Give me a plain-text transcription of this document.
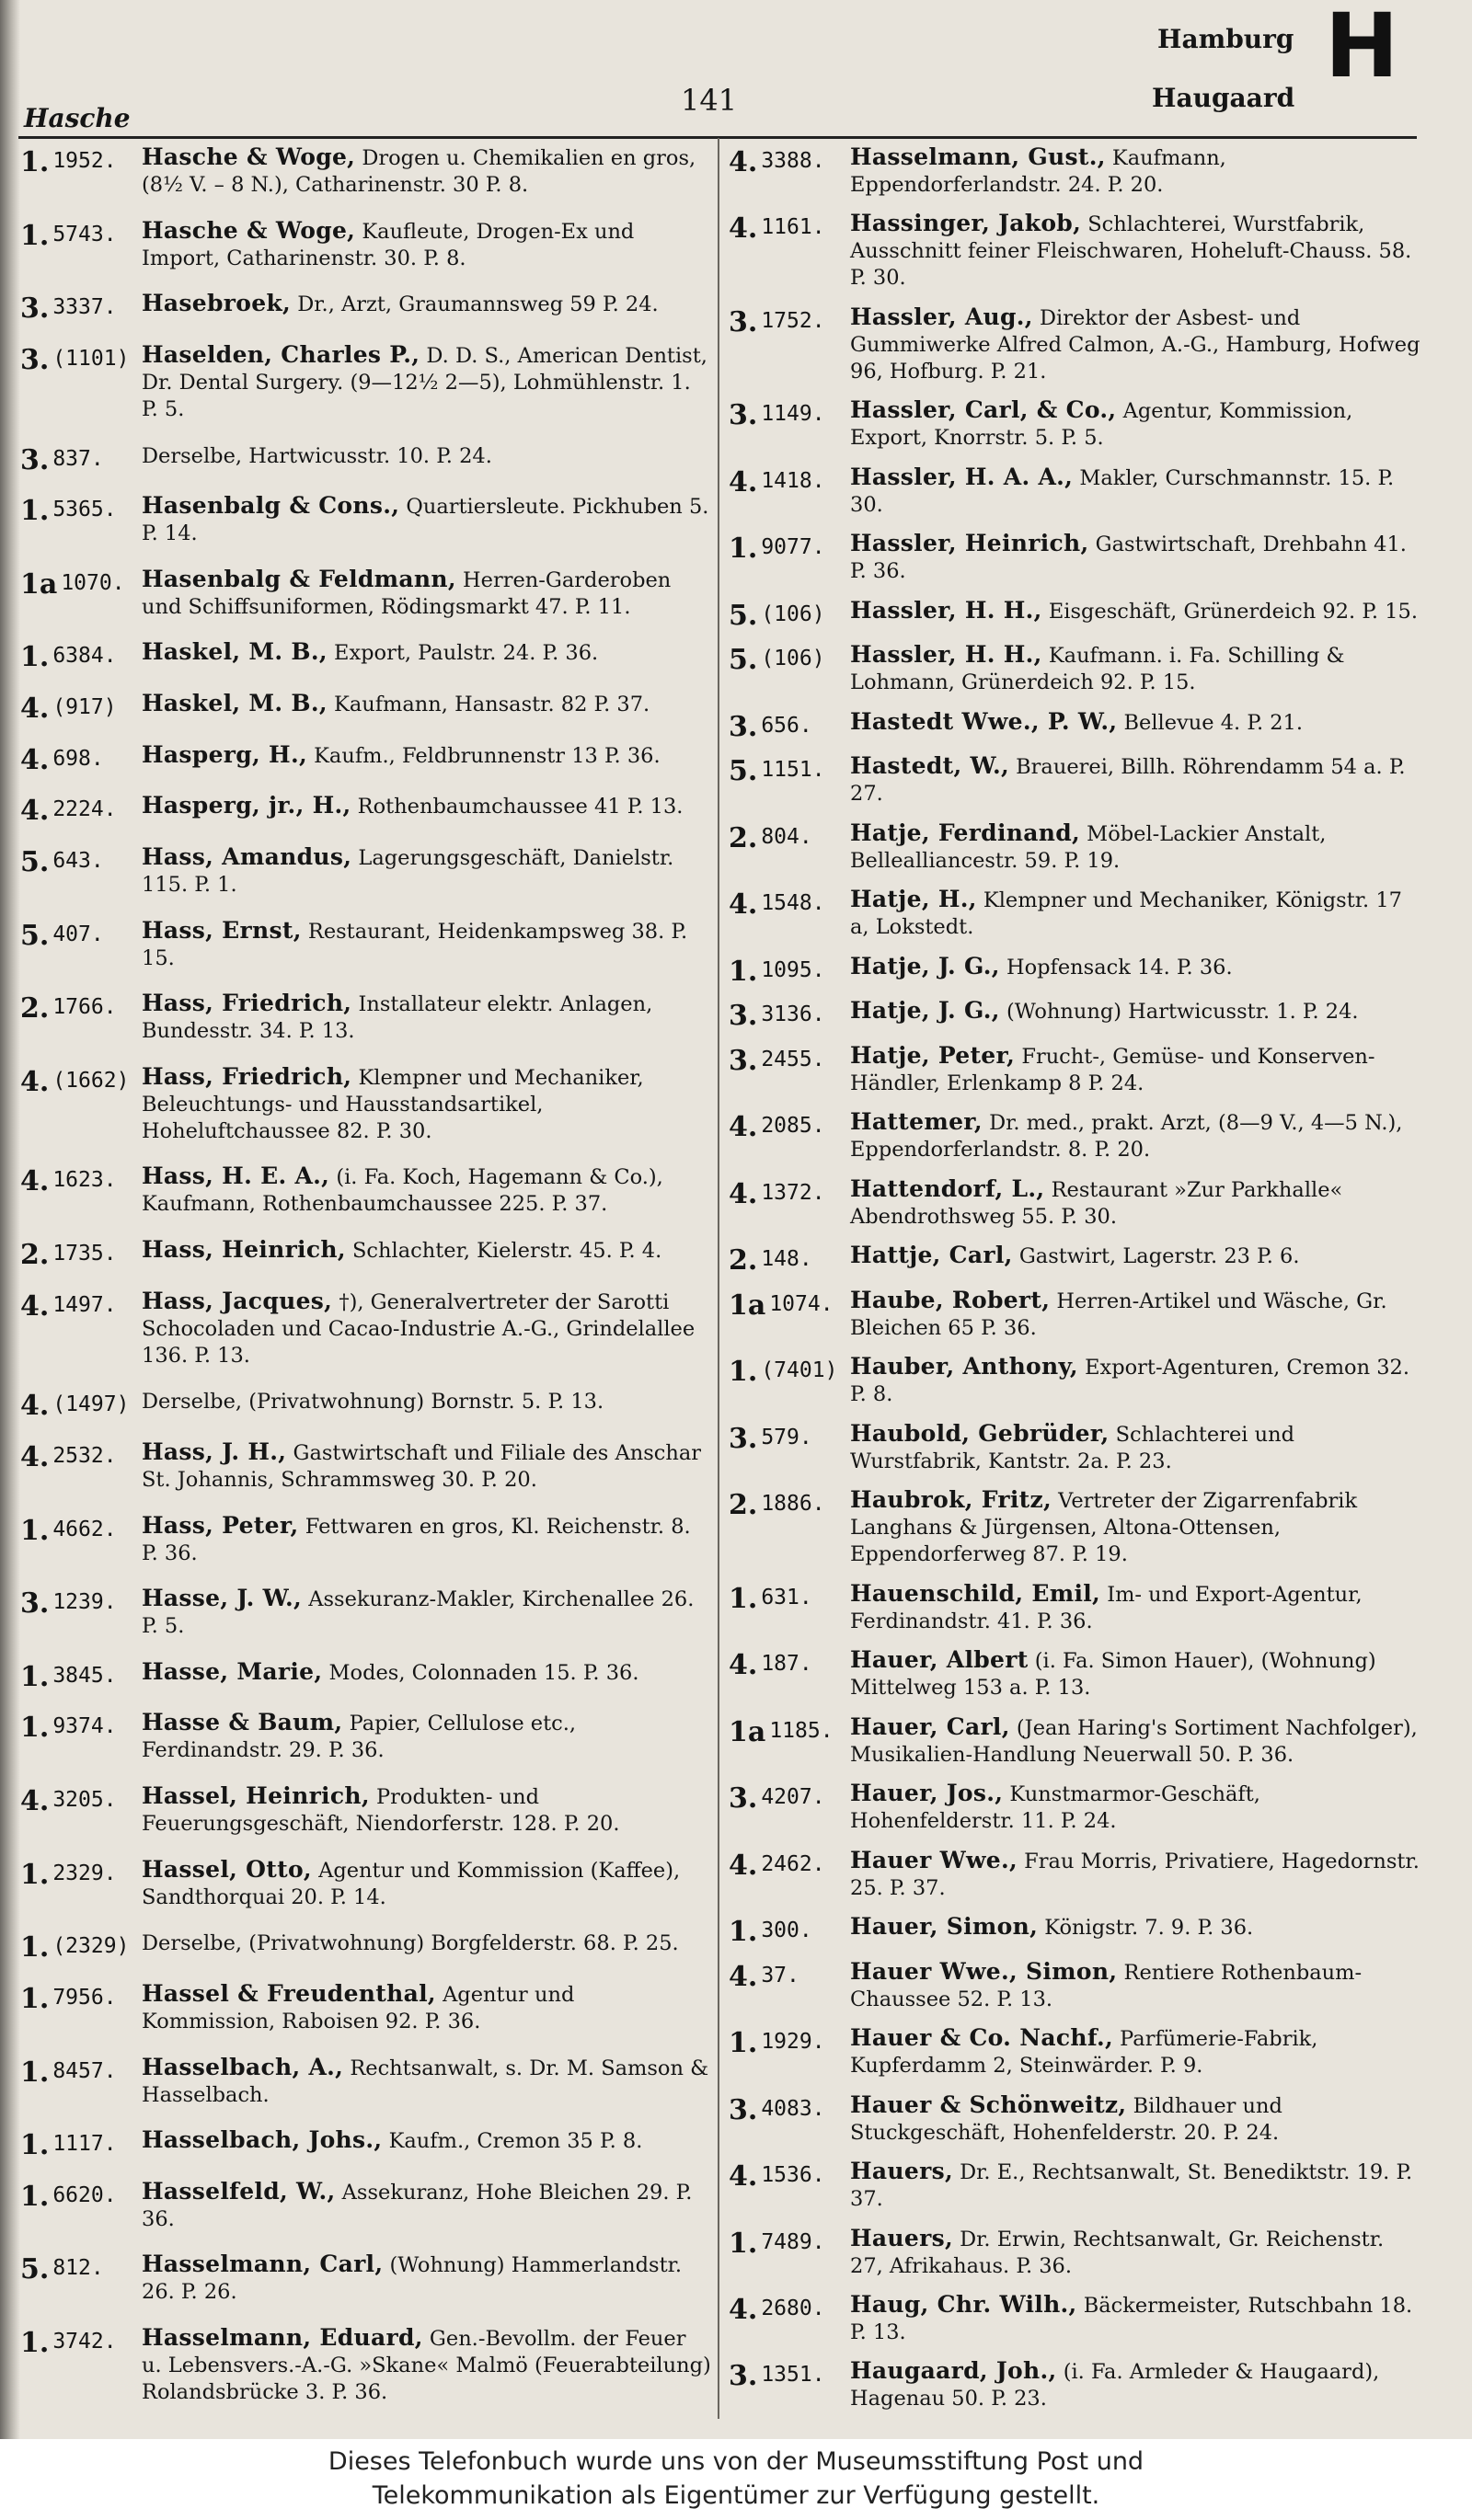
Hasche
141
Hamburg
Haugaard
H
1. 1952. Hasche & Woge, Drogen u. Chemikalien en gros, (8½ V. – 8 N.), Catharinenstr. 30 P. 8.
1. 5743. Hasche & Woge, Kaufleute, Drogen-Ex und Import, Catharinenstr. 30. P. 8.
3. 3337. Hasebroek, Dr., Arzt, Graumannsweg 59 P. 24.
3. (1101) Haselden, Charles P., D. D. S., American Dentist, Dr. Dental Surgery. (9—12½ 2—5), Lohmühlenstr. 1. P. 5.
3. 837. Derselbe, Hartwicusstr. 10. P. 24.
1. 5365. Hasenbalg & Cons., Quartiersleute. Pickhuben 5. P. 14.
1a 1070. Hasenbalg & Feldmann, Herren-Garderoben und Schiffsuniformen, Rödingsmarkt 47. P. 11.
1. 6384. Haskel, M. B., Export, Paulstr. 24. P. 36.
4. (917) Haskel, M. B., Kaufmann, Hansastr. 82 P. 37.
4. 698. Hasperg, H., Kaufm., Feldbrunnenstr 13 P. 36.
4. 2224. Hasperg, jr., H., Rothenbaumchaussee 41 P. 13.
5. 643. Hass, Amandus, Lagerungsgeschäft, Danielstr. 115. P. 1.
5. 407. Hass, Ernst, Restaurant, Heidenkampsweg 38. P. 15.
2. 1766. Hass, Friedrich, Installateur elektr. Anlagen, Bundesstr. 34. P. 13.
4. (1662) Hass, Friedrich, Klempner und Mechaniker, Beleuchtungs- und Hausstandsartikel, Hoheluftchaussee 82. P. 30.
4. 1623. Hass, H. E. A., (i. Fa. Koch, Hagemann & Co.), Kaufmann, Rothenbaumchaussee 225. P. 37.
2. 1735. Hass, Heinrich, Schlachter, Kielerstr. 45. P. 4.
4. 1497. Hass, Jacques, †), Generalvertreter der Sarotti Schocoladen und Cacao-Industrie A.-G., Grindelallee 136. P. 13.
4. (1497) Derselbe, (Privatwohnung) Bornstr. 5. P. 13.
4. 2532. Hass, J. H., Gastwirtschaft und Filiale des Anschar St. Johannis, Schrammsweg 30. P. 20.
1. 4662. Hass, Peter, Fettwaren en gros, Kl. Reichenstr. 8. P. 36.
3. 1239. Hasse, J. W., Assekuranz-Makler, Kirchenallee 26. P. 5.
1. 3845. Hasse, Marie, Modes, Colonnaden 15. P. 36.
1. 9374. Hasse & Baum, Papier, Cellulose etc., Ferdinandstr. 29. P. 36.
4. 3205. Hassel, Heinrich, Produkten- und Feuerungsgeschäft, Niendorferstr. 128. P. 20.
1. 2329. Hassel, Otto, Agentur und Kommission (Kaffee), Sandthorquai 20. P. 14.
1. (2329) Derselbe, (Privatwohnung) Borgfelderstr. 68. P. 25.
1. 7956. Hassel & Freudenthal, Agentur und Kommission, Raboisen 92. P. 36.
1. 8457. Hasselbach, A., Rechtsanwalt, s. Dr. M. Samson & Hasselbach.
1. 1117. Hasselbach, Johs., Kaufm., Cremon 35 P. 8.
1. 6620. Hasselfeld, W., Assekuranz, Hohe Bleichen 29. P. 36.
5. 812. Hasselmann, Carl, (Wohnung) Hammerlandstr. 26. P. 26.
1. 3742. Hasselmann, Eduard, Gen.-Bevollm. der Feuer u. Lebensvers.-A.-G. »Skane« Malmö (Feuerabteilung) Rolandsbrücke 3. P. 36.
4. 3388. Hasselmann, Gust., Kaufmann, Eppendorferlandstr. 24. P. 20.
4. 1161. Hassinger, Jakob, Schlachterei, Wurstfabrik, Ausschnitt feiner Fleischwaren, Hoheluft-Chauss. 58. P. 30.
3. 1752. Hassler, Aug., Direktor der Asbest- und Gummiwerke Alfred Calmon, A.-G., Hamburg, Hofweg 96, Hofburg. P. 21.
3. 1149. Hassler, Carl, & Co., Agentur, Kommission, Export, Knorrstr. 5. P. 5.
4. 1418. Hassler, H. A. A., Makler, Curschmannstr. 15. P. 30.
1. 9077. Hassler, Heinrich, Gastwirtschaft, Drehbahn 41. P. 36.
5. (106) Hassler, H. H., Eisgeschäft, Grünerdeich 92. P. 15.
5. (106) Hassler, H. H., Kaufmann. i. Fa. Schilling & Lohmann, Grünerdeich 92. P. 15.
3. 656. Hastedt Wwe., P. W., Bellevue 4. P. 21.
5. 1151. Hastedt, W., Brauerei, Billh. Röhrendamm 54 a. P. 27.
2. 804. Hatje, Ferdinand, Möbel-Lackier Anstalt, Bellealliancestr. 59. P. 19.
4. 1548. Hatje, H., Klempner und Mechaniker, Königstr. 17 a, Lokstedt.
1. 1095. Hatje, J. G., Hopfensack 14. P. 36.
3. 3136. Hatje, J. G., (Wohnung) Hartwicusstr. 1. P. 24.
3. 2455. Hatje, Peter, Frucht-, Gemüse- und Konserven-Händler, Erlenkamp 8 P. 24.
4. 2085. Hattemer, Dr. med., prakt. Arzt, (8—9 V., 4—5 N.), Eppendorferlandstr. 8. P. 20.
4. 1372. Hattendorf, L., Restaurant »Zur Parkhalle« Abendrothsweg 55. P. 30.
2. 148. Hattje, Carl, Gastwirt, Lagerstr. 23 P. 6.
1a 1074. Haube, Robert, Herren-Artikel und Wäsche, Gr. Bleichen 65 P. 36.
1. (7401) Hauber, Anthony, Export-Agenturen, Cremon 32. P. 8.
3. 579. Haubold, Gebrüder, Schlachterei und Wurstfabrik, Kantstr. 2a. P. 23.
2. 1886. Haubrok, Fritz, Vertreter der Zigarrenfabrik Langhans & Jürgensen, Altona-Ottensen, Eppendorferweg 87. P. 19.
1. 631. Hauenschild, Emil, Im- und Export-Agentur, Ferdinandstr. 41. P. 36.
4. 187. Hauer, Albert (i. Fa. Simon Hauer), (Wohnung) Mittelweg 153 a. P. 13.
1a 1185. Hauer, Carl, (Jean Haring's Sortiment Nachfolger), Musikalien-Handlung Neuerwall 50. P. 36.
3. 4207. Hauer, Jos., Kunstmarmor-Geschäft, Hohenfelderstr. 11. P. 24.
4. 2462. Hauer Wwe., Frau Morris, Privatiere, Hagedornstr. 25. P. 37.
1. 300. Hauer, Simon, Königstr. 7. 9. P. 36.
4. 37. Hauer Wwe., Simon, Rentiere Rothenbaum-Chaussee 52. P. 13.
1. 1929. Hauer & Co. Nachf., Parfümerie-Fabrik, Kupferdamm 2, Steinwärder. P. 9.
3. 4083. Hauer & Schönweitz, Bildhauer und Stuckgeschäft, Hohenfelderstr. 20. P. 24.
4. 1536. Hauers, Dr. E., Rechtsanwalt, St. Benediktstr. 19. P. 37.
1. 7489. Hauers, Dr. Erwin, Rechtsanwalt, Gr. Reichenstr. 27, Afrikahaus. P. 36.
4. 2680. Haug, Chr. Wilh., Bäckermeister, Rutschbahn 18. P. 13.
3. 1351. Haugaard, Joh., (i. Fa. Armleder & Haugaard), Hagenau 50. P. 23.
Dieses Telefonbuch wurde uns von der Museumsstiftung Post und
Telekommunikation als Eigentümer zur Verfügung gestellt.
